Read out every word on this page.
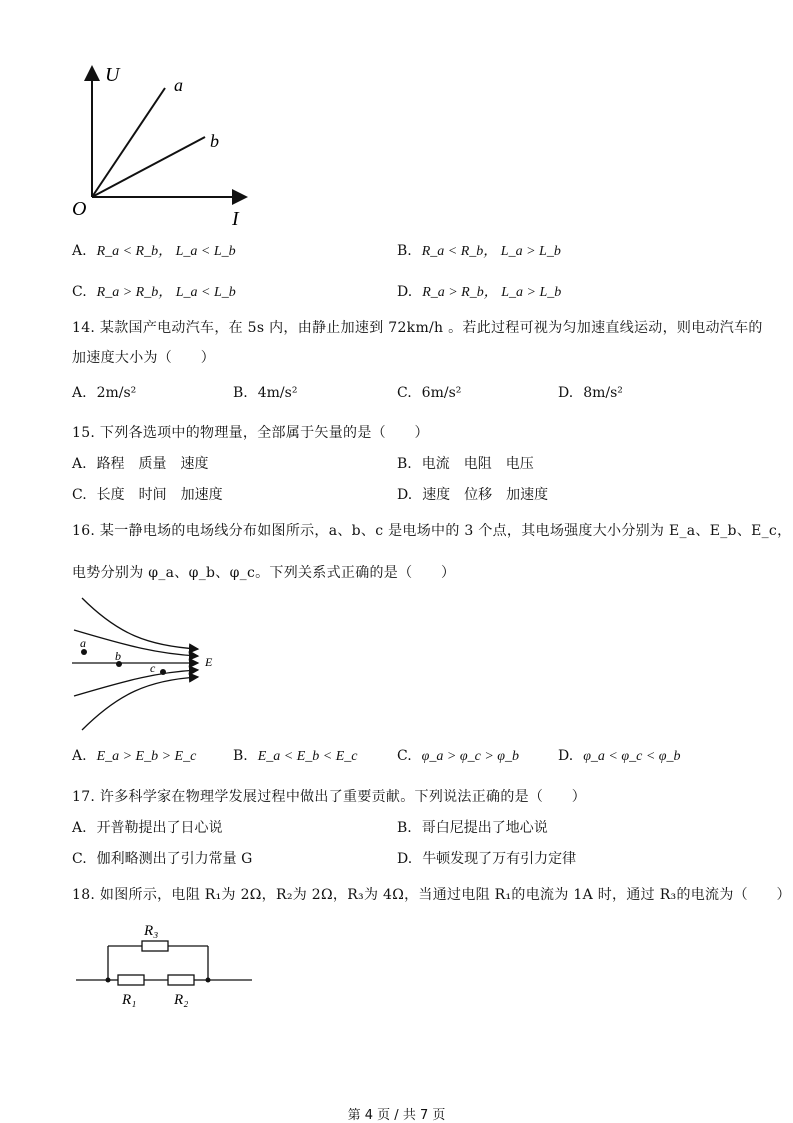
U
I
O
a
b
A. R_a < R_b， L_a < L_b	B. R_a < R_b， L_a > L_b
C. R_a > R_b， L_a < L_b	D. R_a > R_b， L_a > L_b
14. 某款国产电动汽车，在 5s 内，由静止加速到 72km/h 。若此过程可视为匀加速直线运动，则电动汽车的
加速度大小为（　　）
A. 2m/s²	B. 4m/s²	C. 6m/s²	D. 8m/s²
15. 下列各选项中的物理量，全部属于矢量的是（　　）
A. 路程　质量　速度	B. 电流　电阻　电压
C. 长度　时间　加速度	D. 速度　位移　加速度
16. 某一静电场的电场线分布如图所示，a、b、c 是电场中的 3 个点，其电场强度大小分别为 E_a、E_b、E_c，
电势分别为 φ_a、φ_b、φ_c。下列关系式正确的是（　　）
a
b
c	E
A. E_a > E_b > E_c	B. E_a < E_b < E_c	C. φ_a > φ_c > φ_b	D. φ_a < φ_c < φ_b
17. 许多科学家在物理学发展过程中做出了重要贡献。下列说法正确的是（　　）
A. 开普勒提出了日心说	B. 哥白尼提出了地心说
C. 伽利略测出了引力常量 G	D. 牛顿发现了万有引力定律
18. 如图所示，电阻 R₁为 2Ω，R₂为 2Ω，R₃为 4Ω，当通过电阻 R₁的电流为 1A 时，通过 R₃的电流为（　　）
R₃
R₁	R₂
第 4 页 / 共 7 页
